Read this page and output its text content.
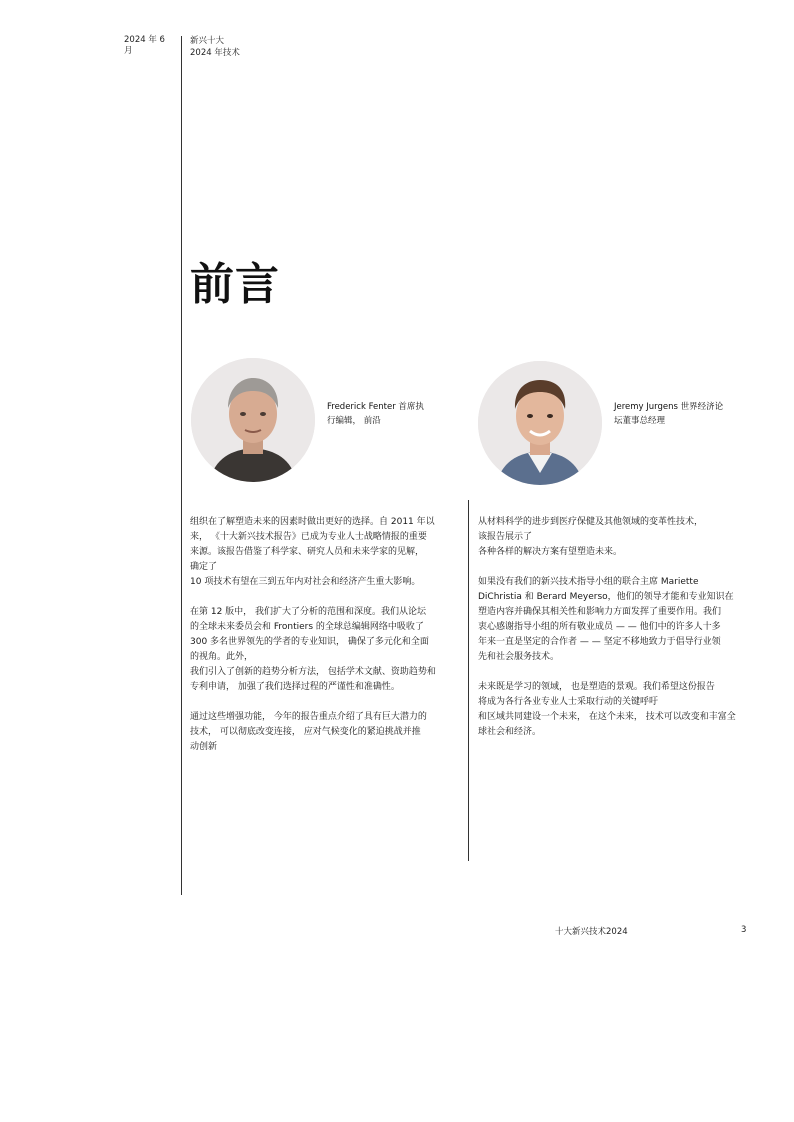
2024 年 6
月
新兴十大
2024 年技术
前言
Frederick Fenter 首席执
行编辑， 前沿
Jeremy Jurgens 世界经济论
坛董事总经理
组织在了解塑造未来的因素时做出更好的选择。自 2011 年以
来， 《十大新兴技术报告》已成为专业人士战略情报的重要
来源。该报告借鉴了科学家、研究人员和未来学家的见解，
确定了
10 项技术有望在三到五年内对社会和经济产生重大影响。
在第 12 版中， 我们扩大了分析的范围和深度。我们从论坛
的全球未来委员会和 Frontiers 的全球总编辑网络中吸收了
300 多名世界领先的学者的专业知识， 确保了多元化和全面
的视角。此外，
我们引入了创新的趋势分析方法， 包括学术文献、资助趋势和
专利申请， 加强了我们选择过程的严谨性和准确性。
通过这些增强功能， 今年的报告重点介绍了具有巨大潜力的
技术， 可以彻底改变连接， 应对气候变化的紧迫挑战并推
动创新
从材料科学的进步到医疗保健及其他领域的变革性技术，
该报告展示了
各种各样的解决方案有望塑造未来。
如果没有我们的新兴技术指导小组的联合主席 Mariette
DiChristia 和 Berard Meyerso，他们的领导才能和专业知识在
塑造内容并确保其相关性和影响力方面发挥了重要作用。我们
衷心感谢指导小组的所有敬业成员 — — 他们中的许多人十多
年来一直是坚定的合作者 — — 坚定不移地致力于倡导行业领
先和社会服务技术。
未来既是学习的领域， 也是塑造的景观。我们希望这份报告
将成为各行各业专业人士采取行动的关键呼吁
和区域共同建设一个未来， 在这个未来， 技术可以改变和丰富全
球社会和经济。
十大新兴技术2024	3
